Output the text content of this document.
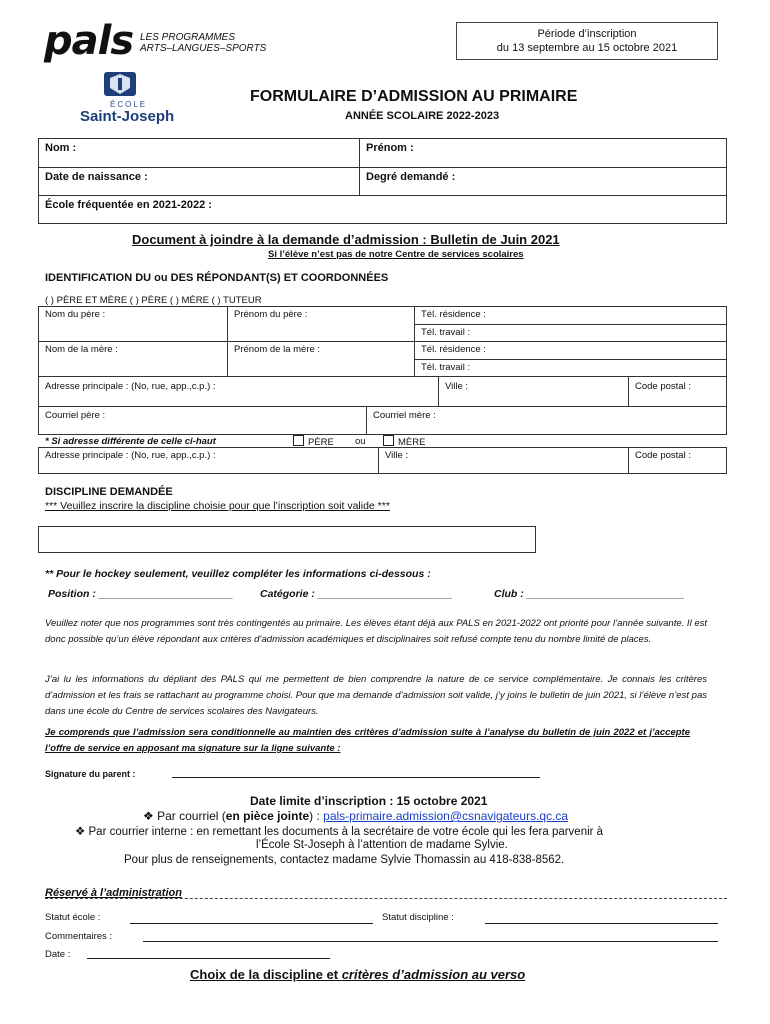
pals LES PROGRAMMES
ARTS–LANGUES–SPORTS
Période d’inscription
du 13 septembre au 15 octobre 2021
ÉCOLE
Saint-Joseph
FORMULAIRE D’ADMISSION AU PRIMAIRE
ANNÉE SCOLAIRE 2022-2023
Nom :	Prénom :
Date de naissance :	Degré demandé :
École fréquentée en 2021-2022 :
Document à joindre à la demande d’admission : Bulletin de Juin 2021
Si l’élève n’est pas de notre Centre de services scolaires
IDENTIFICATION DU ou DES RÉPONDANT(S) ET COORDONNÉES
( ) PÈRE ET MÈRE ( ) PÈRE ( ) MÈRE ( ) TUTEUR
Nom du père :	Prénom du père :	Tél. résidence :
Tél. travail :
Nom de la mère :	Prénom de la mère :	Tél. résidence :
Tél. travail :
Adresse principale : (No, rue, app.,c.p.) :	Ville :	Code postal :
Courriel père :	Courriel mère :
* Si adresse différente de celle ci-haut	PÈRE ou	MÈRE
Adresse principale : (No, rue, app.,c.p.) :	Ville :	Code postal :
DISCIPLINE DEMANDÉE
*** Veuillez inscrire la discipline choisie pour que l’inscription soit valide ***
** Pour le hockey seulement, veuillez compléter les informations ci-dessous :
Position : _______________________	Catégorie : _______________________	Club : ___________________________
Veuillez noter que nos programmes sont très contingentés au primaire. Les élèves étant déjà aux PALS en 2021-2022 ont priorité pour l’année suivante. Il est donc possible qu’un élève répondant aux critères d’admission académiques et disciplinaires soit refusé compte tenu du nombre limité de places.
J’ai lu les informations du dépliant des PALS qui me permettent de bien comprendre la nature de ce service complémentaire. Je connais les critères d’admission et les frais se rattachant au programme choisi. Pour que ma demande d’admission soit valide, j’y joins le bulletin de juin 2021, si l’élève n’est pas dans une école du Centre de services scolaires des Navigateurs.
Je comprends que l’admission sera conditionnelle au maintien des critères d’admission suite à l’analyse du bulletin de juin 2022 et j’accepte l’offre de service en apposant ma signature sur la ligne suivante :
Signature du parent :
Date limite d’inscription : 15 octobre 2021
❖ Par courriel (en pièce jointe) : pals-primaire.admission@csnavigateurs.qc.ca
❖ Par courrier interne : en remettant les documents à la secrétaire de votre école qui les fera parvenir à
l’École St-Joseph à l’attention de madame Sylvie.
Pour plus de renseignements, contactez madame Sylvie Thomassin au 418-838-8562.
Réservé à l’administration
Statut école :	Statut discipline :
Commentaires :
Date :
Choix de la discipline et critères d’admission au verso
